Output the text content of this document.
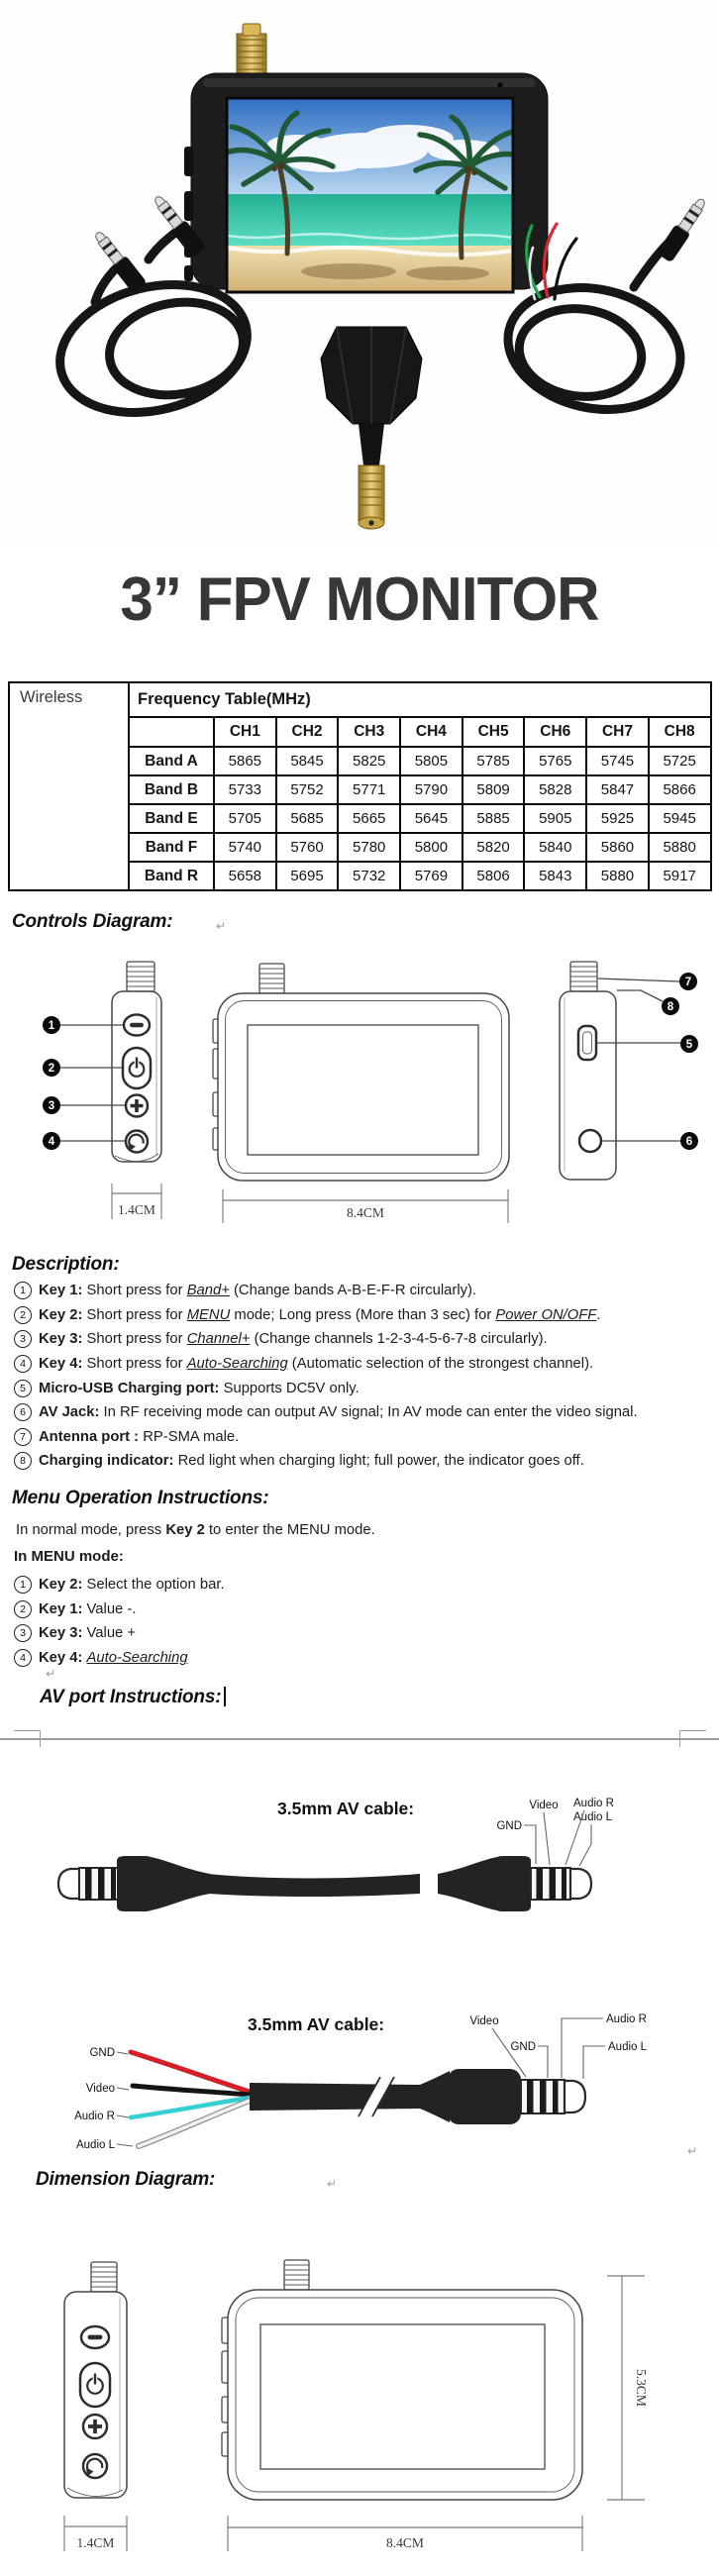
3” FPV MONITOR
Wireless	Frequency Table(MHz)								
		CH1	CH2	CH3	CH4	CH5	CH6	CH7	CH8
	Band A	5865	5845	5825	5805	5785	5765	5745	5725
	Band B	5733	5752	5771	5790	5809	5828	5847	5866
	Band E	5705	5685	5665	5645	5885	5905	5925	5945
	Band F	5740	5760	5780	5800	5820	5840	5860	5880
	Band R	5658	5695	5732	5769	5806	5843	5880	5917
Controls Diagram:	↵
1
2
3
4
1.4CM	8.4CM
7
8
5
6
Description:
1 Key 1: Short press for Band+ (Change bands A-B-E-F-R circularly).
2 Key 2: Short press for MENU mode; Long press (More than 3 sec) for Power ON/OFF.
3 Key 3: Short press for Channel+ (Change channels 1-2-3-4-5-6-7-8 circularly).
4 Key 4: Short press for Auto-Searching (Automatic selection of the strongest channel).
5 Micro-USB Charging port: Supports DC5V only.
6 AV Jack: In RF receiving mode can output AV signal; In AV mode can enter the video signal.
7 Antenna port : RP-SMA male.
8 Charging indicator: Red light when charging light; full power, the indicator goes off.
Menu Operation Instructions:
In normal mode, press Key 2 to enter the MENU mode.
In MENU mode:
1 Key 2: Select the option bar.
2 Key 1: Value -.
3 Key 3: Value +
4 Key 4: Auto-Searching
↵
AV port Instructions:
3.5mm AV cable:	Video Audio R
Audio L
GND
3.5mm AV cable:
GND
Video
Audio R
Audio L
Video
GND
Audio R
Audio L
↵
Dimension Diagram:	↵
1.4CM	8.4CM
5.3CM
